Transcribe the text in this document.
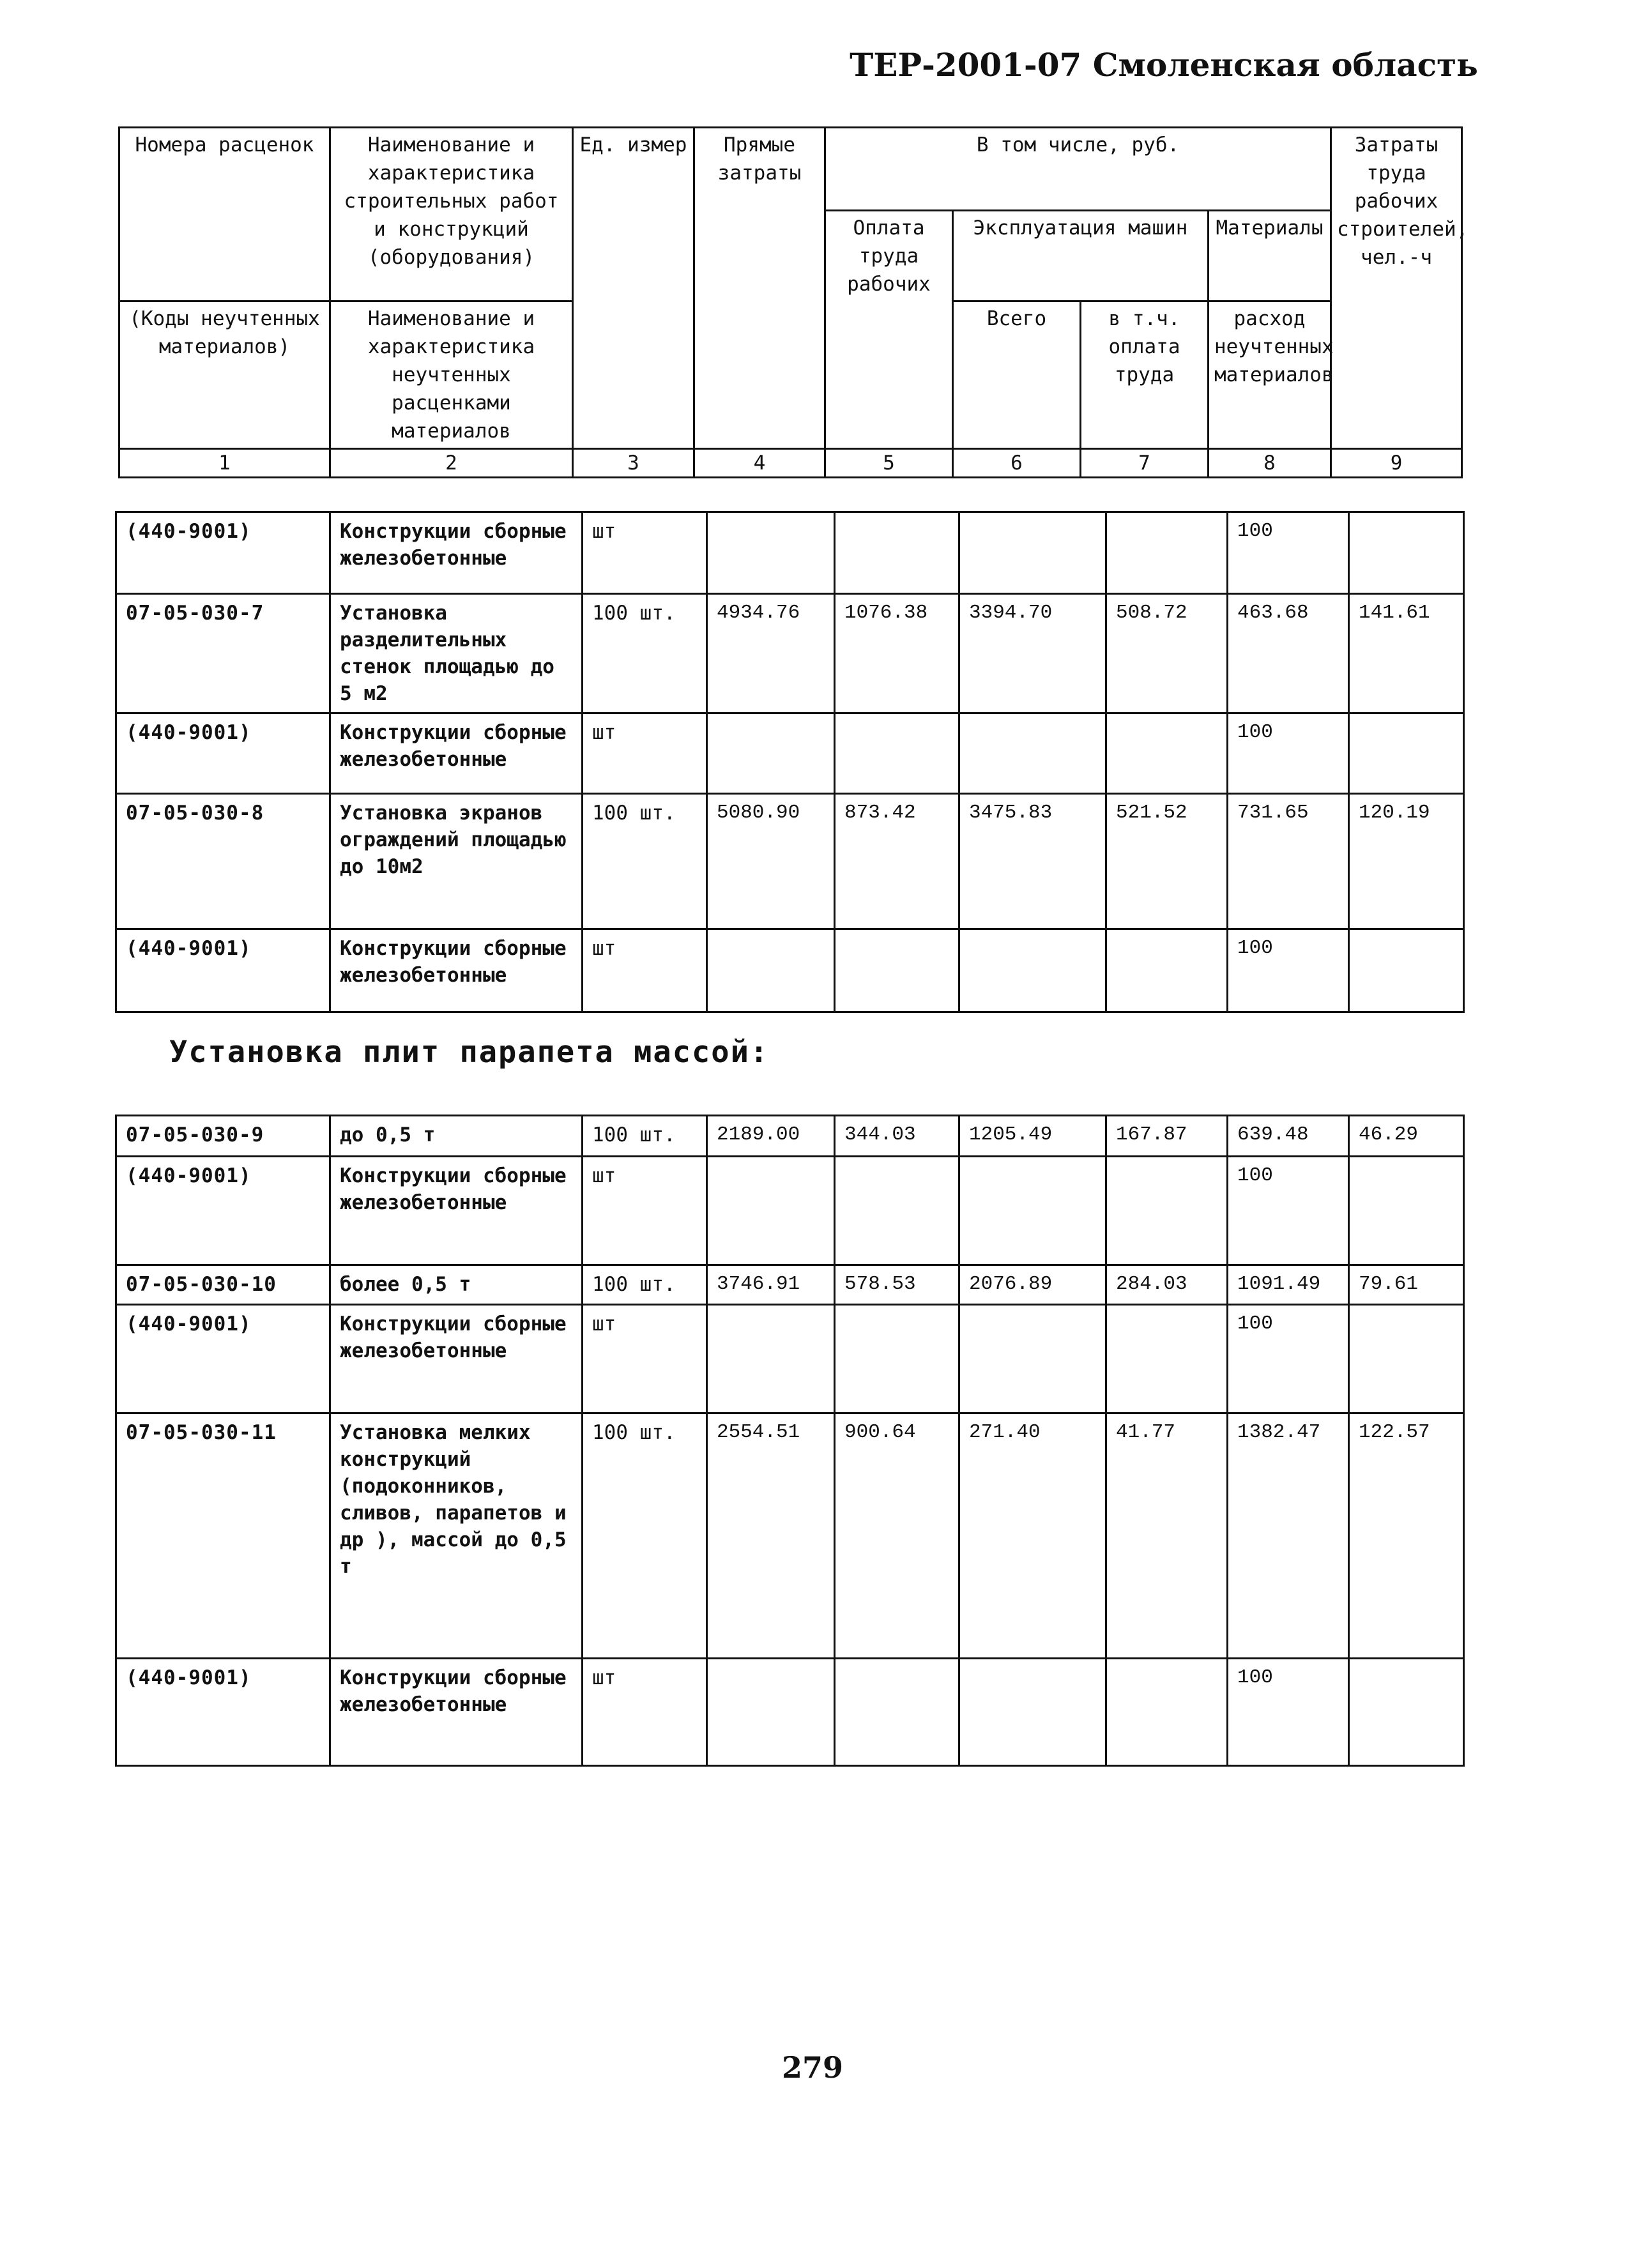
ТЕР-2001-07 Смоленская область
Номера расценок	Наименование и характеристика строительных работ и конструкций (оборудования)	Ед. измер	Прямые затраты	В том числе, руб.				Затраты труда рабочих строителей, чел.-ч
				Оплата труда рабочих	Эксплуатация машин		Материалы	
(Коды неучтенных материалов)	Наименование и характеристика неучтенных расценками материалов				Всего	в т.ч. оплата труда	расход неучтенных материалов	
1	2	3	4	5	6	7	8	9
(440-9001)	Конструкции сборные железобетонные	шт					100	
07-05-030-7	Установка разделительных стенок площадью до 5 м2	100 шт.	4934.76	1076.38	3394.70	508.72	463.68	141.61
(440-9001)	Конструкции сборные железобетонные	шт					100	
07-05-030-8	Установка экранов ограждений площадью до 10м2	100 шт.	5080.90	873.42	3475.83	521.52	731.65	120.19
(440-9001)	Конструкции сборные железобетонные	шт					100	
Установка плит парапета массой:
07-05-030-9	до 0,5 т	100 шт.	2189.00	344.03	1205.49	167.87	639.48	46.29
(440-9001)	Конструкции сборные железобетонные	шт					100	
07-05-030-10	более 0,5 т	100 шт.	3746.91	578.53	2076.89	284.03	1091.49	79.61
(440-9001)	Конструкции сборные железобетонные	шт					100	
07-05-030-11	Установка мелких конструкций (подоконников, сливов, парапетов и др ), массой до 0,5 т	100 шт.	2554.51	900.64	271.40	41.77	1382.47	122.57
(440-9001)	Конструкции сборные железобетонные	шт					100	
279
